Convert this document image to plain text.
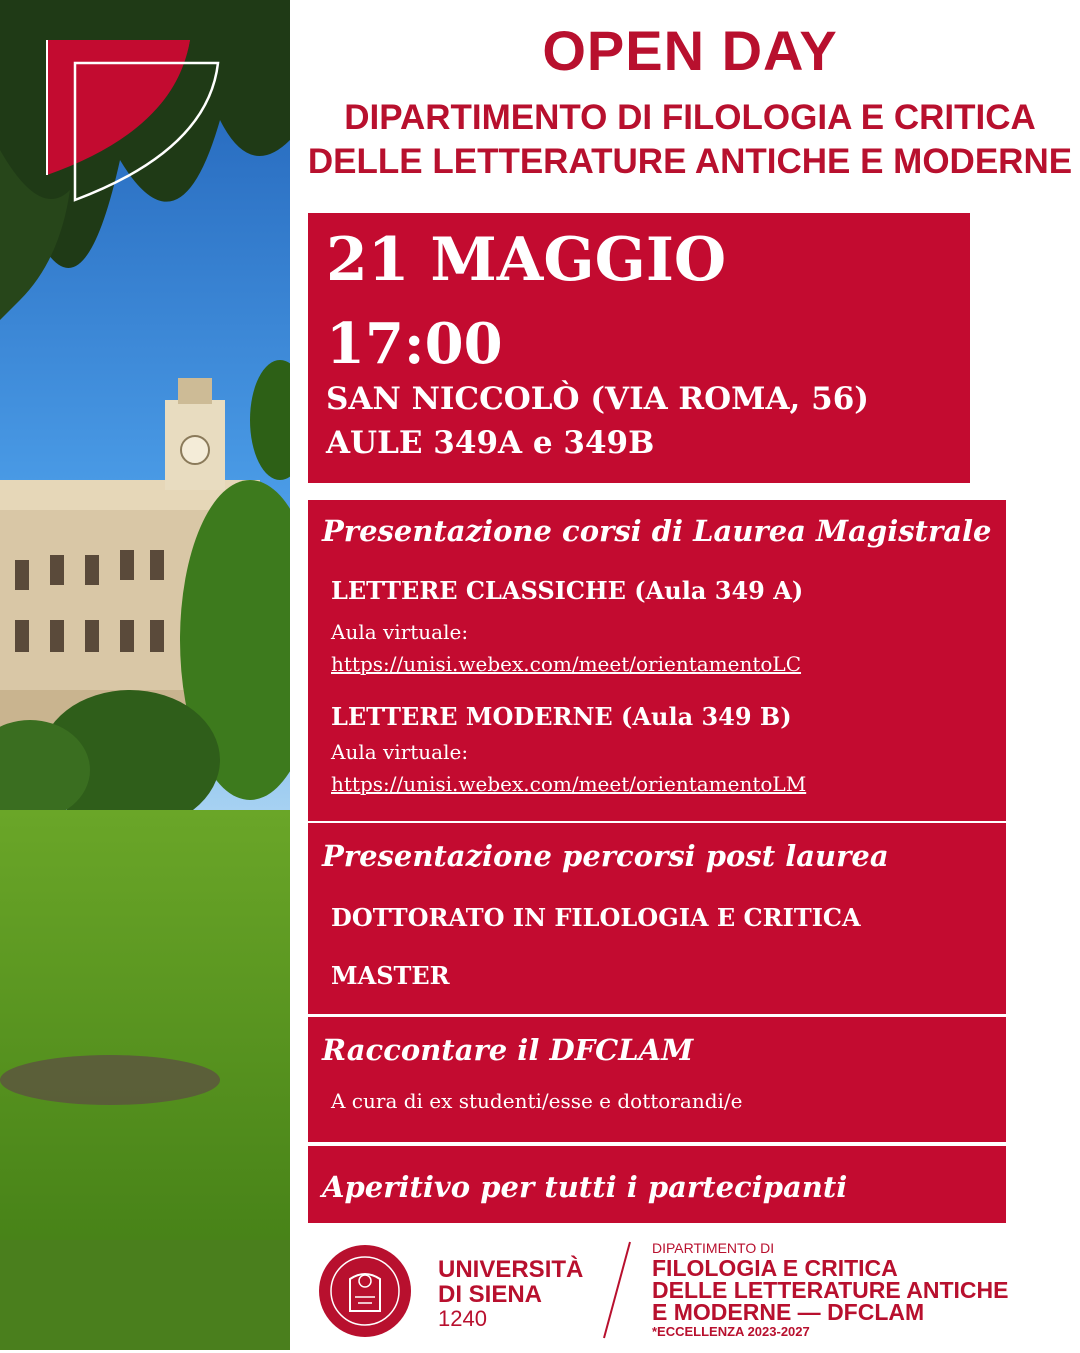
OPEN DAY
DIPARTIMENTO DI FILOLOGIA E CRITICA
DELLE LETTERATURE ANTICHE E MODERNE
21 MAGGIO
17:00
SAN NICCOLÒ (VIA ROMA, 56)
AULE 349A e 349B
Presentazione corsi di Laurea Magistrale
LETTERE CLASSICHE (Aula 349 A)
Aula virtuale:
https://unisi.webex.com/meet/orientamentoLC
LETTERE MODERNE (Aula 349 B)
Aula virtuale:
https://unisi.webex.com/meet/orientamentoLM
Presentazione percorsi post laurea
DOTTORATO IN FILOLOGIA E CRITICA
MASTER
Raccontare il DFCLAM
A cura di ex studenti/esse e dottorandi/e
Aperitivo per tutti i partecipanti
UNIVERSITÀ
DI SIENA
1240
DIPARTIMENTO DI
FILOLOGIA E CRITICA
DELLE LETTERATURE ANTICHE
E MODERNE — DFCLAM
*ECCELLENZA 2023-2027
